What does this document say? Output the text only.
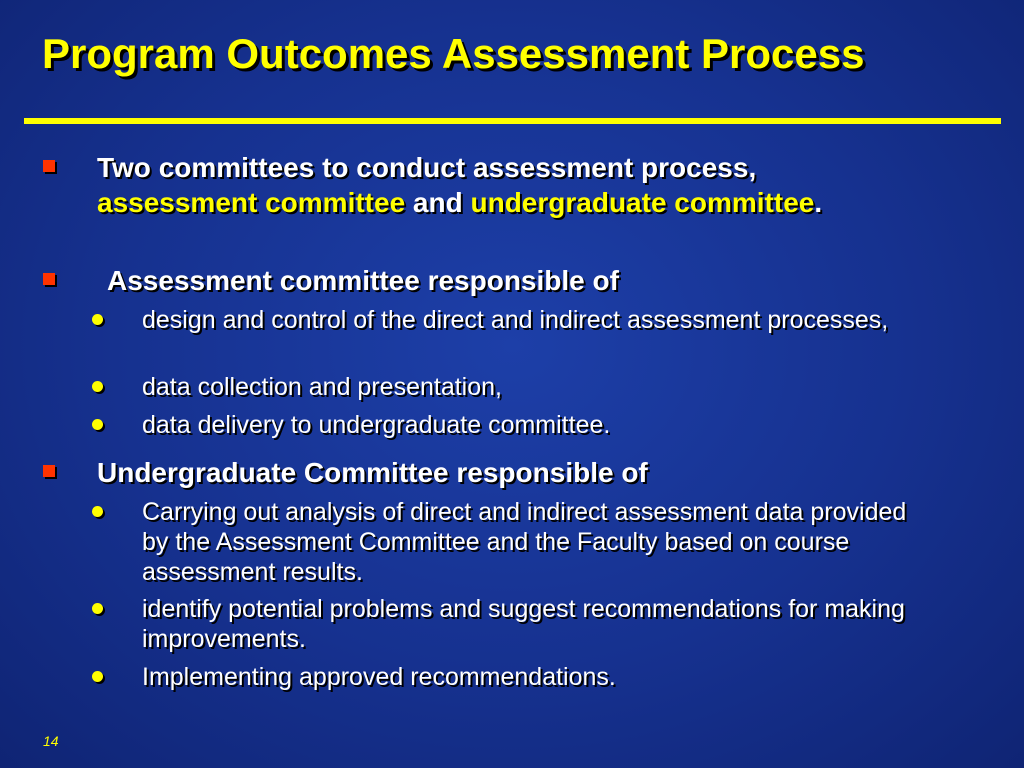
Program Outcomes Assessment Process
Two committees to conduct assessment process,
assessment committee and undergraduate committee.
Assessment committee responsible of
design and control of the direct and indirect assessment processes,
data collection and presentation,
data delivery to undergraduate committee.
Undergraduate Committee responsible of
Carrying out analysis of direct and indirect assessment data provided by the Assessment Committee and the Faculty based on course assessment results.
identify potential problems and suggest recommendations for making improvements.
Implementing approved recommendations.
14
